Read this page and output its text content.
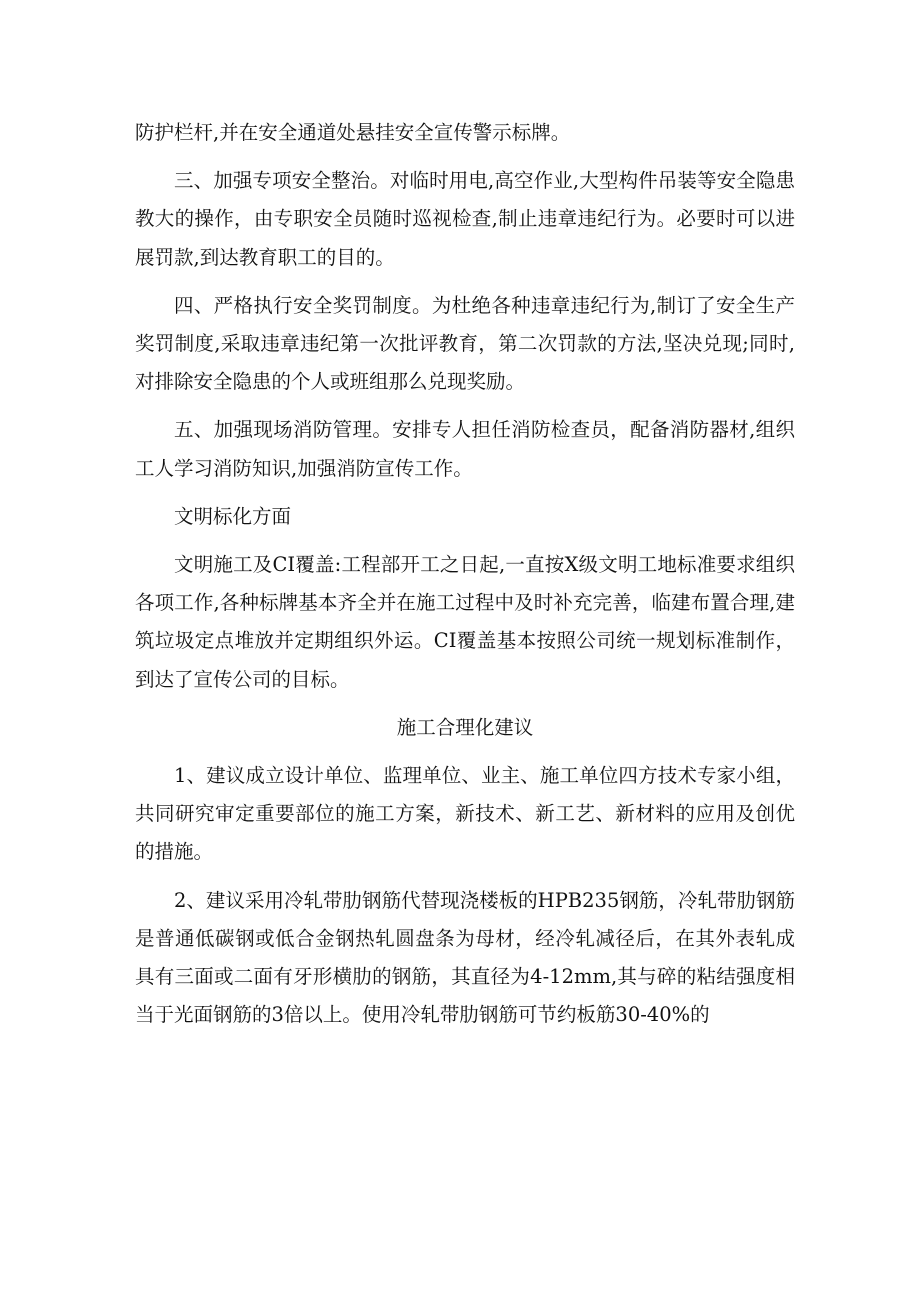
防护栏杆,并在安全通道处悬挂安全宣传警示标牌。

三、加强专项安全整治。对临时用电,高空作业,大型构件吊装等安全隐患教大的操作，由专职安全员随时巡视检查,制止违章违纪行为。必要时可以进展罚款,到达教育职工的目的。

四、严格执行安全奖罚制度。为杜绝各种违章违纪行为,制订了安全生产奖罚制度,采取违章违纪第一次批评教育，第二次罚款的方法,坚决兑现;同时,对排除安全隐患的个人或班组那么兑现奖励。

五、加强现场消防管理。安排专人担任消防检查员，配备消防器材,组织工人学习消防知识,加强消防宣传工作。

文明标化方面

文明施工及CI覆盖:工程部开工之日起,一直按X级文明工地标准要求组织各项工作,各种标牌基本齐全并在施工过程中及时补充完善，临建布置合理,建筑垃圾定点堆放并定期组织外运。CI覆盖基本按照公司统一规划标准制作，到达了宣传公司的目标。

施工合理化建议

1、建议成立设计单位、监理单位、业主、施工单位四方技术专家小组，共同研究审定重要部位的施工方案，新技术、新工艺、新材料的应用及创优的措施。

2、建议采用冷轧带肋钢筋代替现浇楼板的HPB235钢筋，冷轧带肋钢筋是普通低碳钢或低合金钢热轧圆盘条为母材，经冷轧减径后，在其外表轧成具有三面或二面有牙形横肋的钢筋，其直径为4-12mm,其与碎的粘结强度相当于光面钢筋的3倍以上。使用冷轧带肋钢筋可节约板筋30-40%的
